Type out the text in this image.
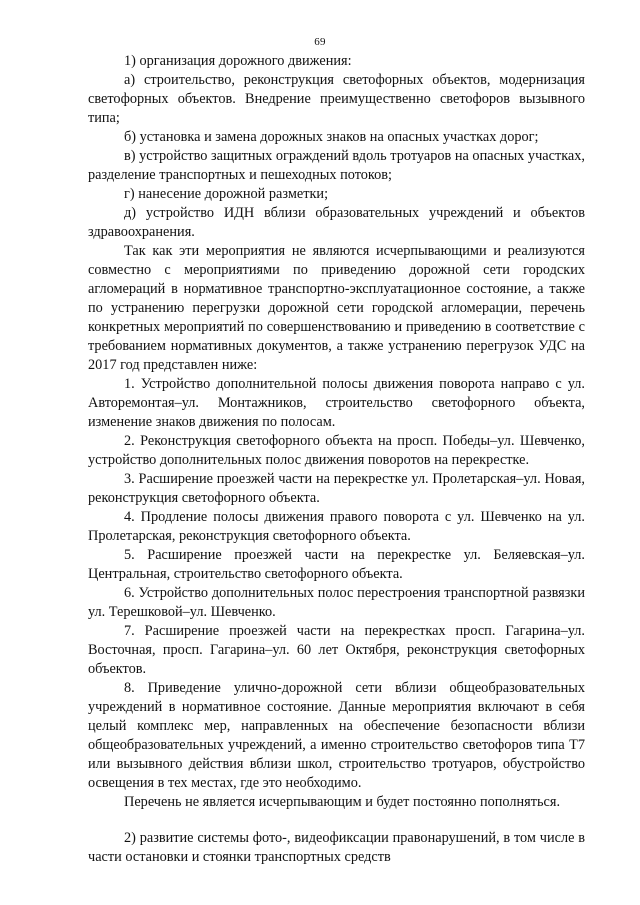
69

1) организация дорожного движения:

а) строительство, реконструкция светофорных объектов, модернизация светофорных объектов. Внедрение преимущественно светофоров вызывного типа;

б) установка и замена дорожных знаков на опасных участках дорог;

в) устройство защитных ограждений вдоль тротуаров на опасных участках, разделение транспортных и пешеходных потоков;

г) нанесение дорожной разметки;

д) устройство ИДН вблизи образовательных учреждений и объектов здравоохранения.

Так как эти мероприятия не являются исчерпывающими и реализуются совместно с мероприятиями по приведению дорожной сети городских агломераций в нормативное транспортно-эксплуатационное состояние, а также по устранению перегрузки дорожной сети городской агломерации, перечень конкретных мероприятий по совершенствованию и приведению в соответствие с требованием нормативных документов, а также устранению перегрузок УДС на 2017 год представлен ниже:

1. Устройство дополнительной полосы движения поворота направо с ул. Авторемонтая–ул. Монтажников, строительство светофорного объекта, изменение знаков движения по полосам.

2. Реконструкция светофорного объекта на просп. Победы–ул. Шевченко, устройство дополнительных полос движения поворотов на перекрестке.

3. Расширение проезжей части на перекрестке ул. Пролетарская–ул. Новая, реконструкция светофорного объекта.

4. Продление полосы движения правого поворота с ул. Шевченко на ул. Пролетарская, реконструкция светофорного объекта.

5. Расширение проезжей части на перекрестке ул. Беляевская–ул. Центральная, строительство светофорного объекта.

6. Устройство дополнительных полос перестроения транспортной развязки ул. Терешковой–ул. Шевченко.

7. Расширение проезжей части на перекрестках просп. Гагарина–ул. Восточная, просп. Гагарина–ул. 60 лет Октября, реконструкция светофорных объектов.

8. Приведение улично-дорожной сети вблизи общеобразовательных учреждений в нормативное состояние. Данные мероприятия включают в себя целый комплекс мер, направленных на обеспечение безопасности вблизи общеобразовательных учреждений, а именно строительство светофоров типа Т7 или вызывного действия вблизи школ, строительство тротуаров, обустройство освещения в тех местах, где это необходимо.

Перечень не является исчерпывающим и будет постоянно пополняться.

2) развитие системы фото-, видеофиксации правонарушений, в том числе в части остановки и стоянки транспортных средств
